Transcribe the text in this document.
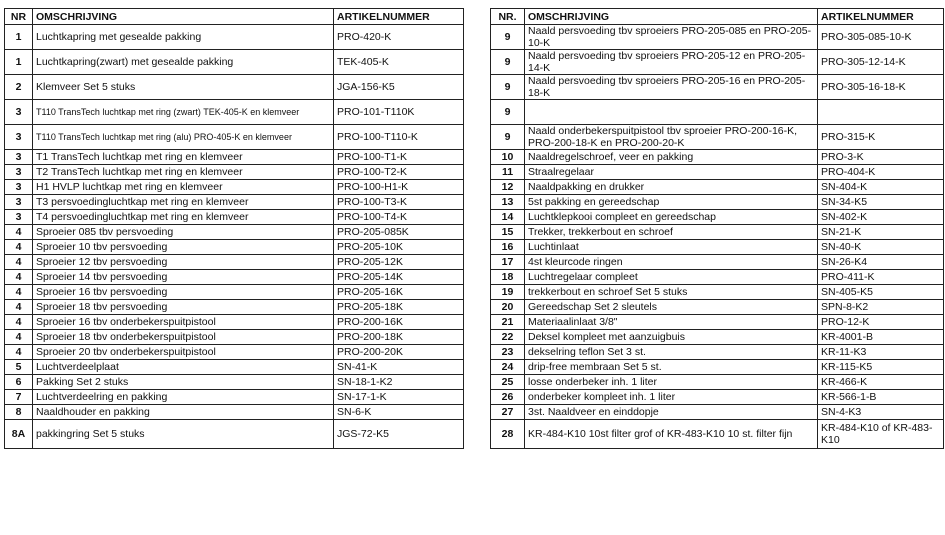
NR	OMSCHRIJVING	ARTIKELNUMMER
1	Luchtkapring met gesealde pakking	PRO-420-K
1	Luchtkapring(zwart) met gesealde pakking	TEK-405-K
2	Klemveer Set 5 stuks	JGA-156-K5
3	T110 TransTech luchtkap met ring (zwart) TEK-405-K en klemveer	PRO-101-T110K
3	T110 TransTech luchtkap met ring (alu) PRO-405-K en klemveer	PRO-100-T110-K
3	T1 TransTech luchtkap met ring en klemveer	PRO-100-T1-K
3	T2 TransTech luchtkap met ring en klemveer	PRO-100-T2-K
3	H1 HVLP luchtkap met ring en klemveer	PRO-100-H1-K
3	T3 persvoedingluchtkap met ring en klemveer	PRO-100-T3-K
3	T4 persvoedingluchtkap met ring en klemveer	PRO-100-T4-K
4	Sproeier 085 tbv persvoeding	PRO-205-085K
4	Sproeier 10 tbv persvoeding	PRO-205-10K
4	Sproeier 12 tbv persvoeding	PRO-205-12K
4	Sproeier 14 tbv persvoeding	PRO-205-14K
4	Sproeier 16 tbv persvoeding	PRO-205-16K
4	Sproeier 18 tbv persvoeding	PRO-205-18K
4	Sproeier 16 tbv onderbekerspuitpistool	PRO-200-16K
4	Sproeier 18 tbv onderbekerspuitpistool	PRO-200-18K
4	Sproeier 20 tbv onderbekerspuitpistool	PRO-200-20K
5	Luchtverdeelplaat	SN-41-K
6	Pakking Set 2 stuks	SN-18-1-K2
7	Luchtverdeelring en pakking	SN-17-1-K
8	Naaldhouder en pakking	SN-6-K
8A	pakkingring Set 5 stuks	JGS-72-K5
NR.	OMSCHRIJVING	ARTIKELNUMMER
9	Naald persvoeding tbv sproeiers PRO-205-085 en PRO-205-10-K	PRO-305-085-10-K
9	Naald persvoeding tbv sproeiers PRO-205-12 en PRO-205-14-K	PRO-305-12-14-K
9	Naald persvoeding tbv sproeiers PRO-205-16 en PRO-205-18-K	PRO-305-16-18-K
9		
9	Naald onderbekerspuitpistool tbv sproeier PRO-200-16-K, PRO-200-18-K en PRO-200-20-K	PRO-315-K
10	Naaldregelschroef, veer en pakking	PRO-3-K
11	Straalregelaar	PRO-404-K
12	Naaldpakking en drukker	SN-404-K
13	5st pakking en gereedschap	SN-34-K5
14	Luchtklepkooi compleet en gereedschap	SN-402-K
15	Trekker, trekkerbout en schroef	SN-21-K
16	Luchtinlaat	SN-40-K
17	4st kleurcode ringen	SN-26-K4
18	Luchtregelaar compleet	PRO-411-K
19	trekkerbout en schroef Set 5 stuks	SN-405-K5
20	Gereedschap Set 2 sleutels	SPN-8-K2
21	Materiaalinlaat 3/8"	PRO-12-K
22	Deksel kompleet met aanzuigbuis	KR-4001-B
23	dekselring teflon Set 3 st.	KR-11-K3
24	drip-free membraan Set 5 st.	KR-115-K5
25	losse onderbeker inh. 1 liter	KR-466-K
26	onderbeker kompleet inh. 1 liter	KR-566-1-B
27	3st. Naaldveer en einddopje	SN-4-K3
28	KR-484-K10 10st filter grof of KR-483-K10 10 st. filter fijn	KR-484-K10 of KR-483-K10
